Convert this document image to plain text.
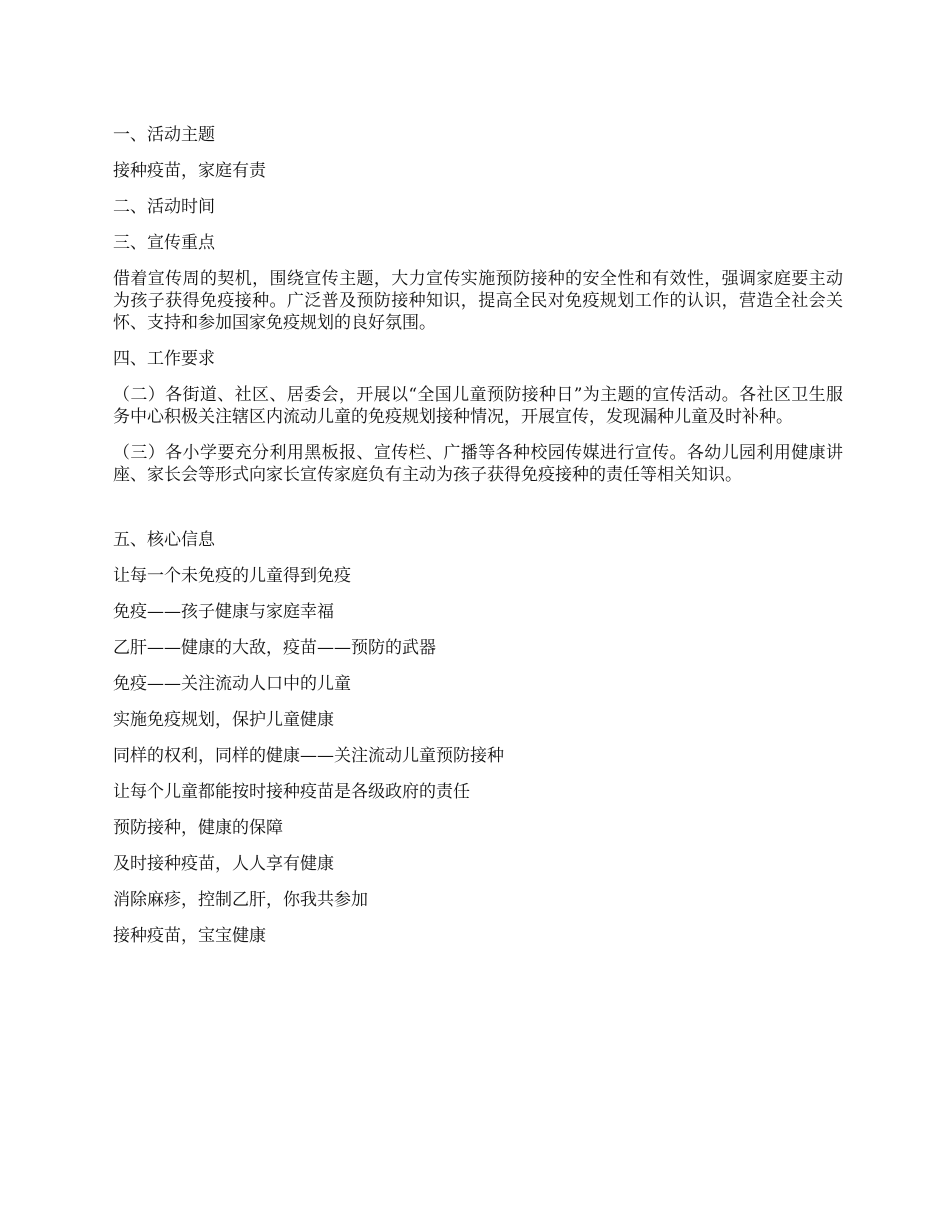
一、活动主题
接种疫苗，家庭有责
二、活动时间
三、宣传重点
借着宣传周的契机，围绕宣传主题，大力宣传实施预防接种的安全性和有效性，强调家庭要主动为孩子获得免疫接种。广泛普及预防接种知识，提高全民对免疫规划工作的认识，营造全社会关怀、支持和参加国家免疫规划的良好氛围。
四、工作要求
（二）各街道、社区、居委会，开展以“全国儿童预防接种日”为主题的宣传活动。各社区卫生服务中心积极关注辖区内流动儿童的免疫规划接种情况，开展宣传，发现漏种儿童及时补种。
（三）各小学要充分利用黑板报、宣传栏、广播等各种校园传媒进行宣传。各幼儿园利用健康讲座、家长会等形式向家长宣传家庭负有主动为孩子获得免疫接种的责任等相关知识。
五、核心信息
让每一个未免疫的儿童得到免疫
免疫——孩子健康与家庭幸福
乙肝——健康的大敌，疫苗——预防的武器
免疫——关注流动人口中的儿童
实施免疫规划，保护儿童健康
同样的权利，同样的健康——关注流动儿童预防接种
让每个儿童都能按时接种疫苗是各级政府的责任
预防接种，健康的保障
及时接种疫苗，人人享有健康
消除麻疹，控制乙肝，你我共参加
接种疫苗，宝宝健康
